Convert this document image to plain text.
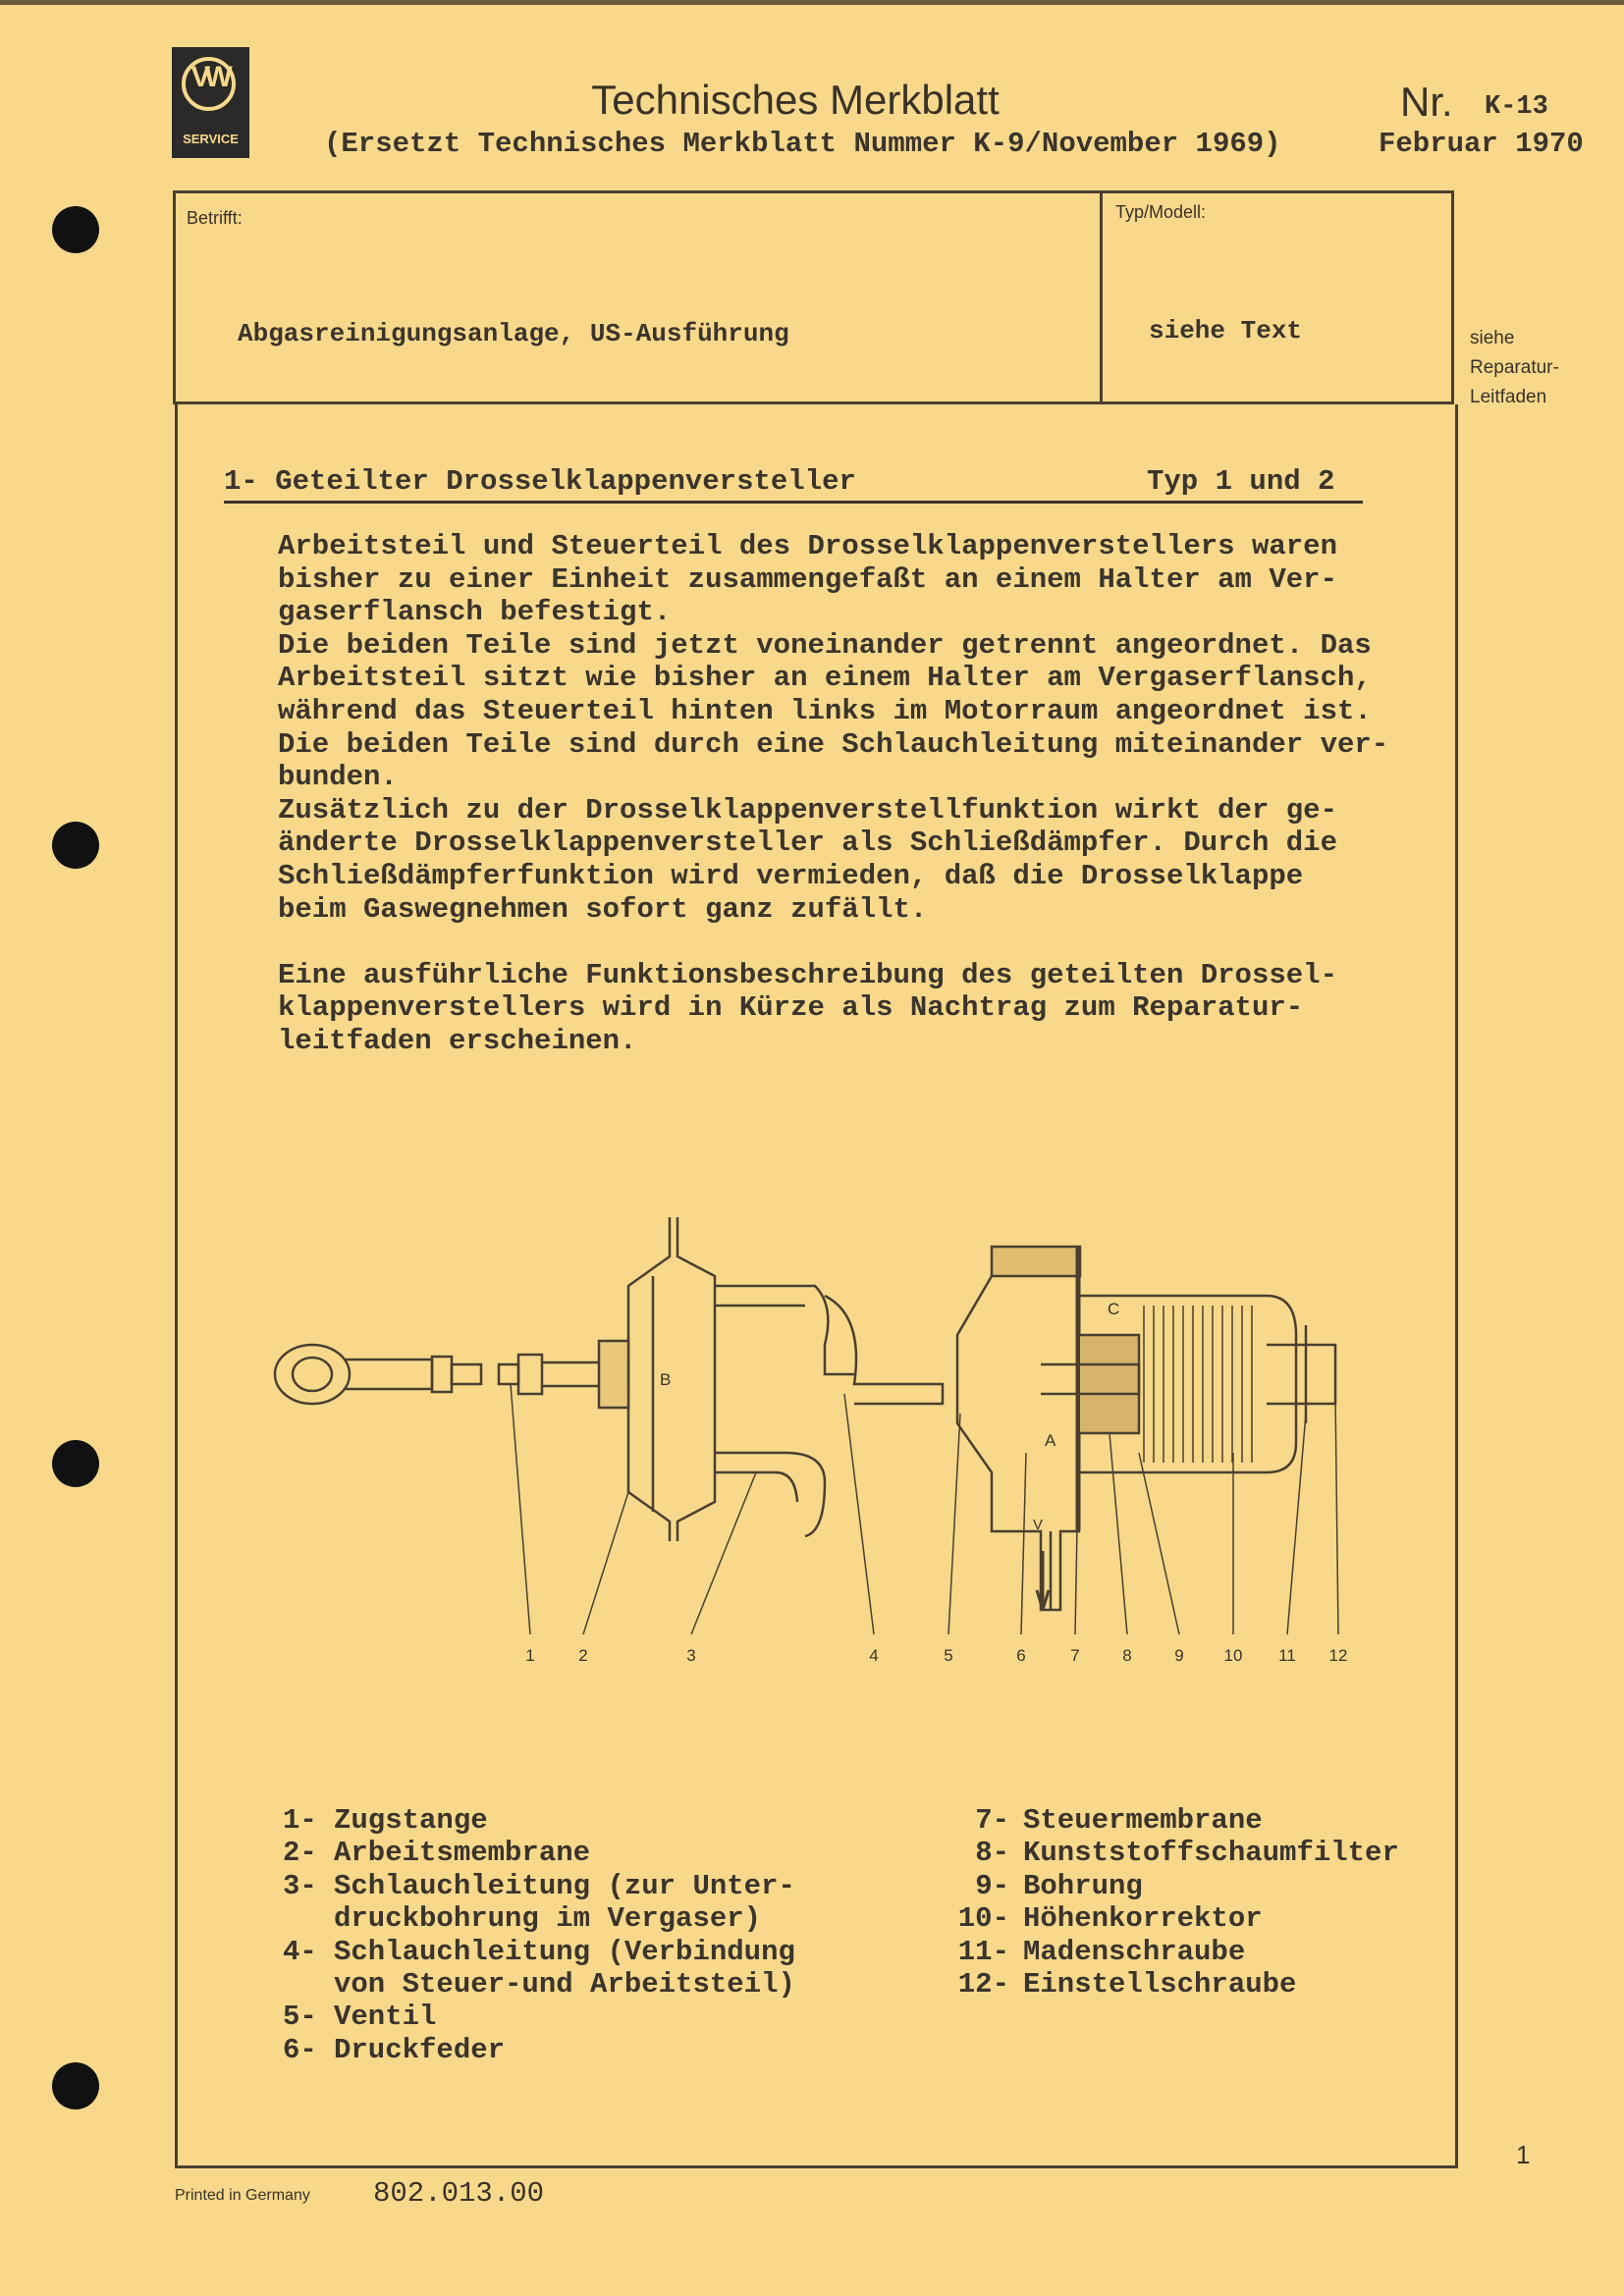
VW
SERVICE
Technisches Merkblatt
(Ersetzt Technisches Merkblatt Nummer K-9/November 1969)
Nr. K-13
Februar 1970
Betrifft:
Abgasreinigungsanlage, US-Ausführung
Typ/Modell:
siehe Text	siehe
Reparatur-
Leitfaden
1- Geteilter Drosselklappenversteller	Typ 1 und 2
Arbeitsteil und Steuerteil des Drosselklappenverstellers waren
bisher zu einer Einheit zusammengefaßt an einem Halter am Ver-
gaserflansch befestigt.
Die beiden Teile sind jetzt voneinander getrennt angeordnet. Das
Arbeitsteil sitzt wie bisher an einem Halter am Vergaserflansch,
während das Steuerteil hinten links im Motorraum angeordnet ist.
Die beiden Teile sind durch eine Schlauchleitung miteinander ver-
bunden.
Zusätzlich zu der Drosselklappenverstellfunktion wirkt der ge-
änderte Drosselklappenversteller als Schließdämpfer. Durch die
Schließdämpferfunktion wird vermieden, daß die Drosselklappe
beim Gaswegnehmen sofort ganz zufällt.
Eine ausführliche Funktionsbeschreibung des geteilten Drossel-
klappenverstellers wird in Kürze als Nachtrag zum Reparatur-
leitfaden erscheinen.
1	2	3	4	5	6	7	8	9 10 11 12
B
C
A
V
1- Zugstange
2- Arbeitsmembrane
3- Schlauchleitung (zur Unter-
druckbohrung im Vergaser)
4- Schlauchleitung (Verbindung
von Steuer-und Arbeitsteil)
5- Ventil
6- Druckfeder
7- Steuermembrane
8- Kunststoffschaumfilter
9- Bohrung
10- Höhenkorrektor
11- Madenschraube
12- Einstellschraube
1
Printed in Germany 802.013.00
